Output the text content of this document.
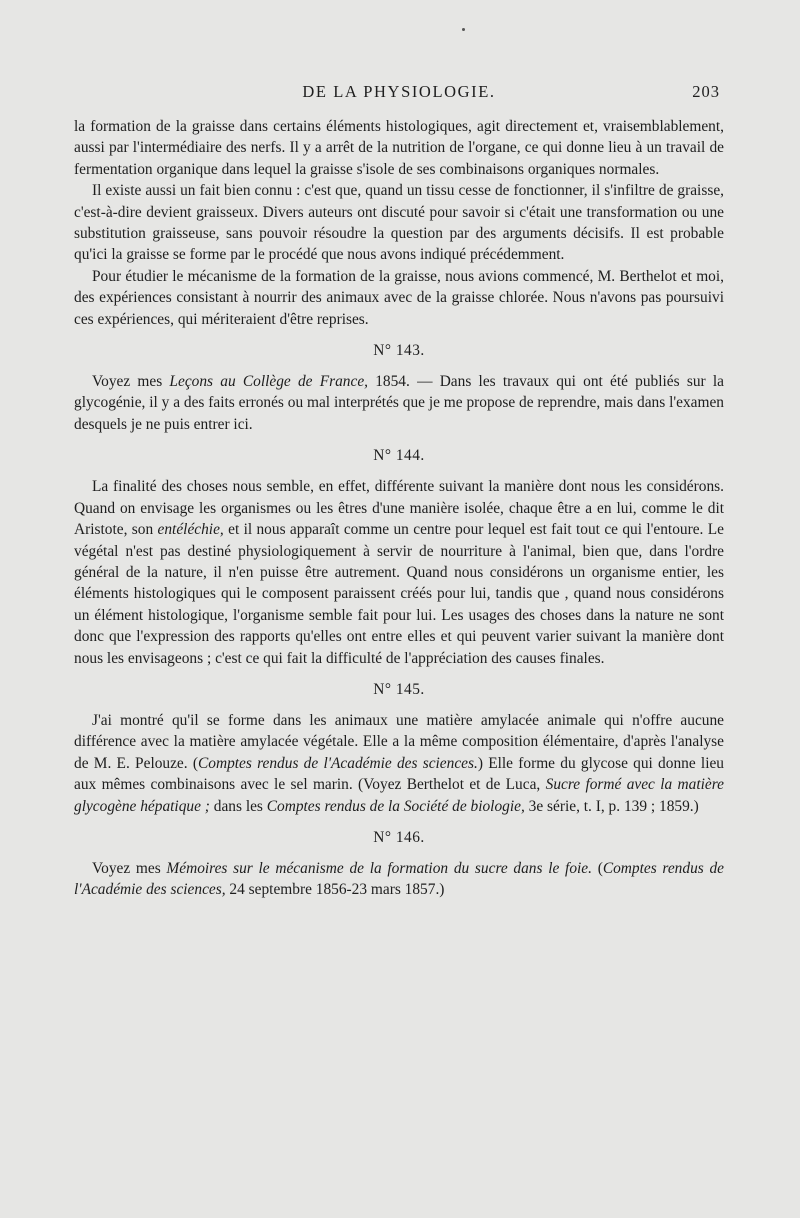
DE LA PHYSIOLOGIE.	203

la formation de la graisse dans certains éléments histologiques, agit directement et, vraisemblablement, aussi par l'intermédiaire des nerfs. Il y a arrêt de la nutrition de l'organe, ce qui donne lieu à un travail de fermentation organique dans lequel la graisse s'isole de ses combinaisons organiques normales.

Il existe aussi un fait bien connu : c'est que, quand un tissu cesse de fonctionner, il s'infiltre de graisse, c'est-à-dire devient graisseux. Divers auteurs ont discuté pour savoir si c'était une transformation ou une substitution graisseuse, sans pouvoir résoudre la question par des arguments décisifs. Il est probable qu'ici la graisse se forme par le procédé que nous avons indiqué précédemment.

Pour étudier le mécanisme de la formation de la graisse, nous avions commencé, M. Berthelot et moi, des expériences consistant à nourrir des animaux avec de la graisse chlorée. Nous n'avons pas poursuivi ces expériences, qui mériteraient d'être reprises.

N° 143.

Voyez mes Leçons au Collège de France, 1854. — Dans les travaux qui ont été publiés sur la glycogénie, il y a des faits erronés ou mal interprétés que je me propose de reprendre, mais dans l'examen desquels je ne puis entrer ici.

N° 144.

La finalité des choses nous semble, en effet, différente suivant la manière dont nous les considérons. Quand on envisage les organismes ou les êtres d'une manière isolée, chaque être a en lui, comme le dit Aristote, son entéléchie, et il nous apparaît comme un centre pour lequel est fait tout ce qui l'entoure. Le végétal n'est pas destiné physiologiquement à servir de nourriture à l'animal, bien que, dans l'ordre général de la nature, il n'en puisse être autrement. Quand nous considérons un organisme entier, les éléments histologiques qui le composent paraissent créés pour lui, tandis que , quand nous considérons un élément histologique, l'organisme semble fait pour lui. Les usages des choses dans la nature ne sont donc que l'expression des rapports qu'elles ont entre elles et qui peuvent varier suivant la manière dont nous les envisageons ; c'est ce qui fait la difficulté de l'appréciation des causes finales.

N° 145.

J'ai montré qu'il se forme dans les animaux une matière amylacée animale qui n'offre aucune différence avec la matière amylacée végétale. Elle a la même composition élémentaire, d'après l'analyse de M. E. Pelouze. (Comptes rendus de l'Académie des sciences.) Elle forme du glycose qui donne lieu aux mêmes combinaisons avec le sel marin. (Voyez Berthelot et de Luca, Sucre formé avec la matière glycogène hépatique ; dans les Comptes rendus de la Société de biologie, 3e série, t. I, p. 139 ; 1859.)

N° 146.

Voyez mes Mémoires sur le mécanisme de la formation du sucre dans le foie. (Comptes rendus de l'Académie des sciences, 24 septembre 1856-23 mars 1857.)
